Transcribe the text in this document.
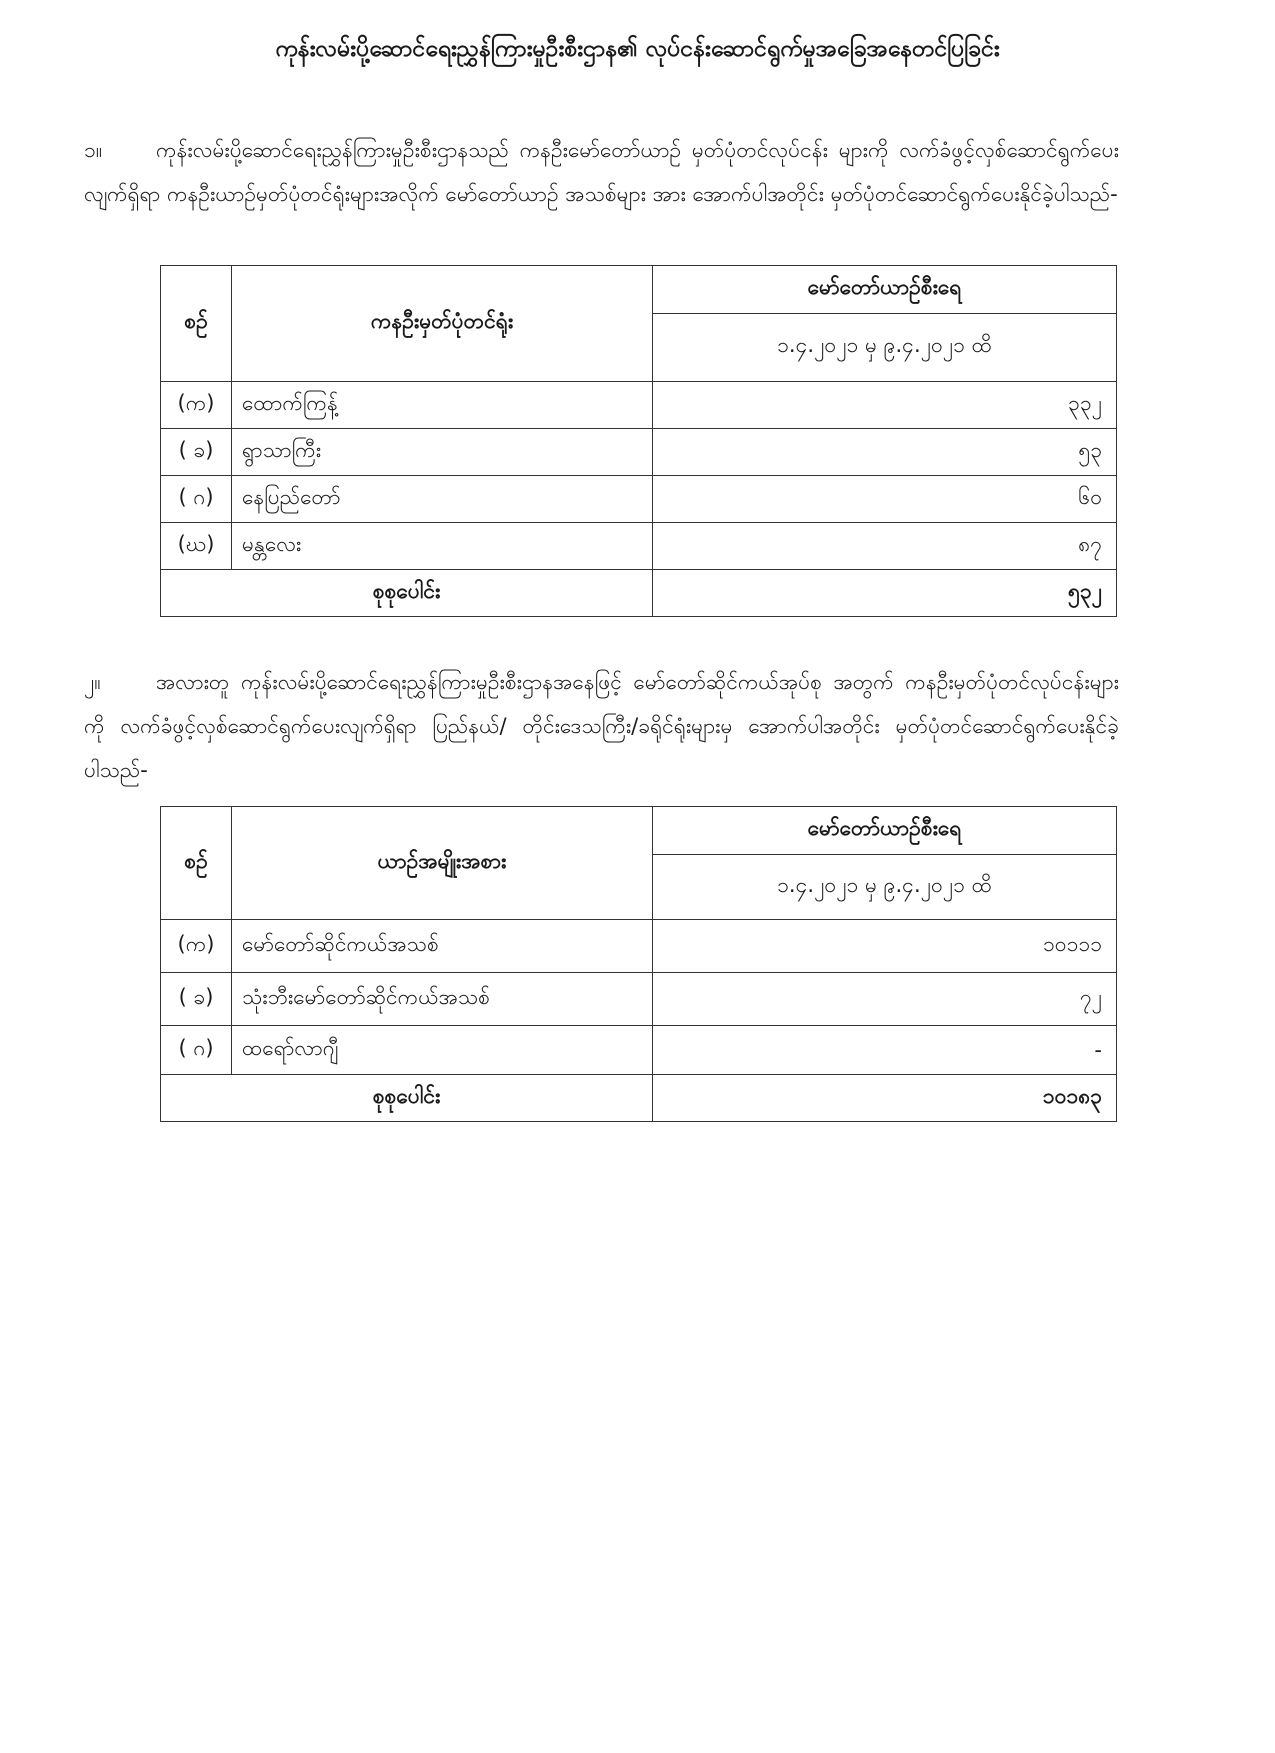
ကုန်းလမ်းပို့ဆောင်ရေးညွှန်ကြားမှုဦးစီးဌာန၏ လုပ်ငန်းဆောင်ရွက်မှုအခြေအနေတင်ပြခြင်း
၁။	ကုန်းလမ်းပို့ဆောင်ရေးညွှန်ကြားမှုဦးစီးဌာနသည် ကနဦးမော်တော်ယာဉ် မှတ်ပုံတင်လုပ်ငန်း များကို လက်ခံဖွင့်လှစ်ဆောင်ရွက်ပေးလျက်ရှိရာ ကနဦးယာဉ်မှတ်ပုံတင်ရုံးများအလိုက် မော်တော်ယာဉ် အသစ်များ အား အောက်ပါအတိုင်း မှတ်ပုံတင်ဆောင်ရွက်ပေးနိုင်ခဲ့ပါသည်-
စဉ်	ကနဦးမှတ်ပုံတင်ရုံး	မော်တော်ယာဉ်စီးရေ
		၁.၄.၂၀၂၁ မှ ၉.၄.၂၀၂၁ ထိ
(က)	ထောက်ကြန့်	၃၃၂
( ခ)	ရွာသာကြီး	၅၃
( ဂ)	နေပြည်တော်	၆၀
(ဃ)	မန္တလေး	၈၇
စုစုပေါင်း		၅၃၂
၂။	အလားတူ ကုန်းလမ်းပို့ဆောင်ရေးညွှန်ကြားမှုဦးစီးဌာနအနေဖြင့် မော်တော်ဆိုင်ကယ်အုပ်စု အတွက် ကနဦးမှတ်ပုံတင်လုပ်ငန်းများကို လက်ခံဖွင့်လှစ်ဆောင်ရွက်ပေးလျက်ရှိရာ ပြည်နယ်/ တိုင်းဒေသကြီး/ခရိုင်ရုံးများမှ အောက်ပါအတိုင်း မှတ်ပုံတင်ဆောင်ရွက်ပေးနိုင်ခဲ့ပါသည်-
စဉ်	ယာဉ်အမျိုးအစား	မော်တော်ယာဉ်စီးရေ
		၁.၄.၂၀၂၁ မှ ၉.၄.၂၀၂၁ ထိ
(က)	မော်တော်ဆိုင်ကယ်အသစ်	၁၀၁၁၁
( ခ)	သုံးဘီးမော်တော်ဆိုင်ကယ်အသစ်	၇၂
( ဂ)	ထရော်လာဂျီ	-
စုစုပေါင်း		၁၀၁၈၃
